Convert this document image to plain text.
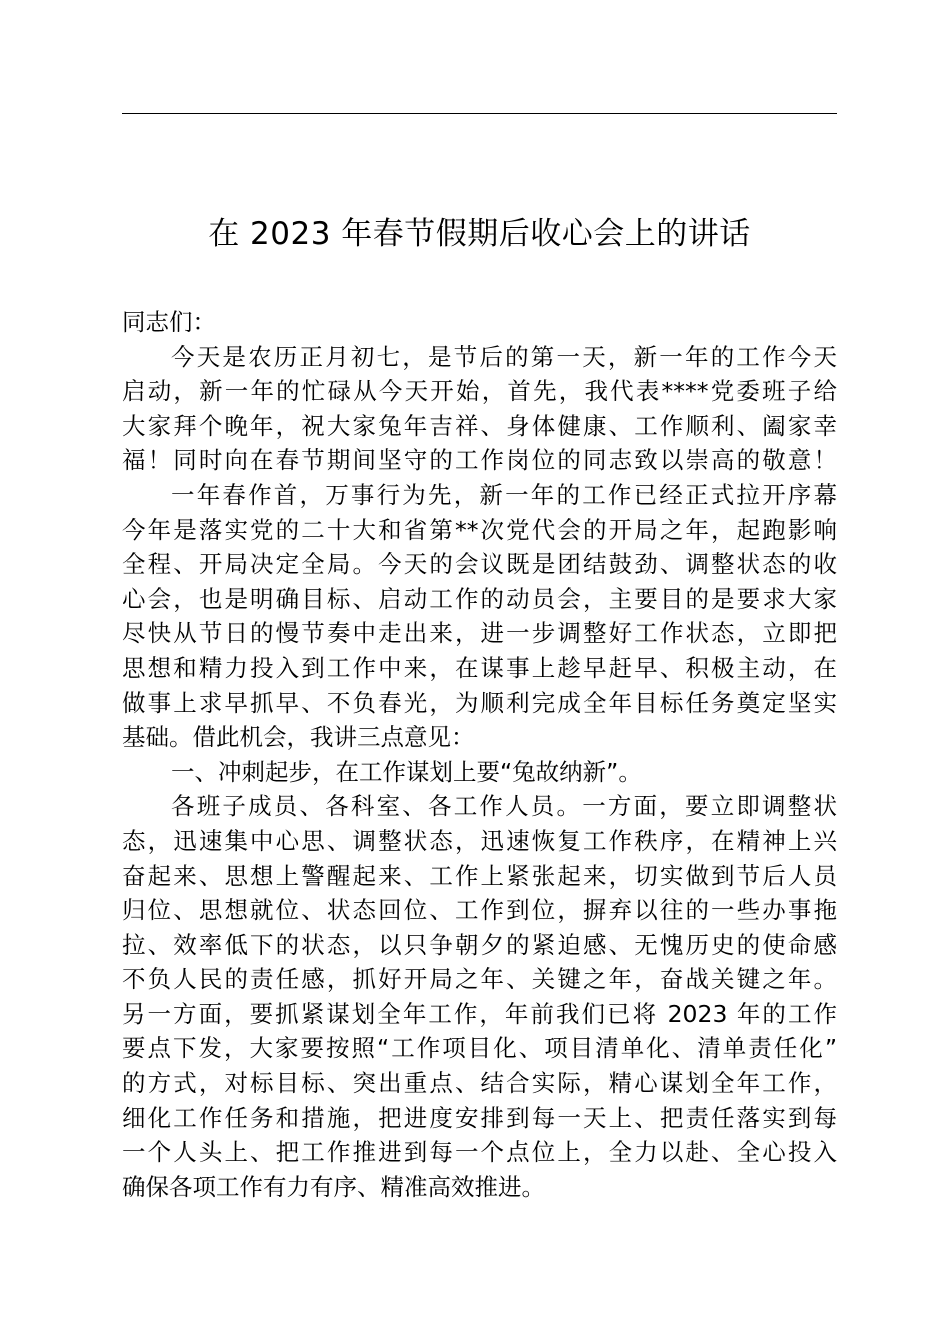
在 2023 年春节假期后收心会上的讲话
同志们：
今天是农历正月初七，是节后的第一天，新一年的工作今天
启动，新一年的忙碌从今天开始，首先，我代表****党委班子给
大家拜个晚年，祝大家兔年吉祥、身体健康、工作顺利、阖家幸
福！同时向在春节期间坚守的工作岗位的同志致以崇高的敬意！
一年春作首，万事行为先，新一年的工作已经正式拉开序幕
今年是落实党的二十大和省第**次党代会的开局之年，起跑影响
全程、开局决定全局。今天的会议既是团结鼓劲、调整状态的收
心会，也是明确目标、启动工作的动员会，主要目的是要求大家
尽快从节日的慢节奏中走出来，进一步调整好工作状态，立即把
思想和精力投入到工作中来，在谋事上趁早赶早、积极主动，在
做事上求早抓早、不负春光，为顺利完成全年目标任务奠定坚实
基础。借此机会，我讲三点意见：
一、冲刺起步，在工作谋划上要“兔故纳新”。
各班子成员、各科室、各工作人员。一方面，要立即调整状
态，迅速集中心思、调整状态，迅速恢复工作秩序，在精神上兴
奋起来、思想上警醒起来、工作上紧张起来，切实做到节后人员
归位、思想就位、状态回位、工作到位，摒弃以往的一些办事拖
拉、效率低下的状态，以只争朝夕的紧迫感、无愧历史的使命感
不负人民的责任感，抓好开局之年、关键之年，奋战关键之年。
另一方面，要抓紧谋划全年工作，年前我们已将 2023 年的工作
要点下发，大家要按照“工作项目化、项目清单化、清单责任化”
的方式，对标目标、突出重点、结合实际，精心谋划全年工作，
细化工作任务和措施，把进度安排到每一天上、把责任落实到每
一个人头上、把工作推进到每一个点位上，全力以赴、全心投入
确保各项工作有力有序、精准高效推进。
